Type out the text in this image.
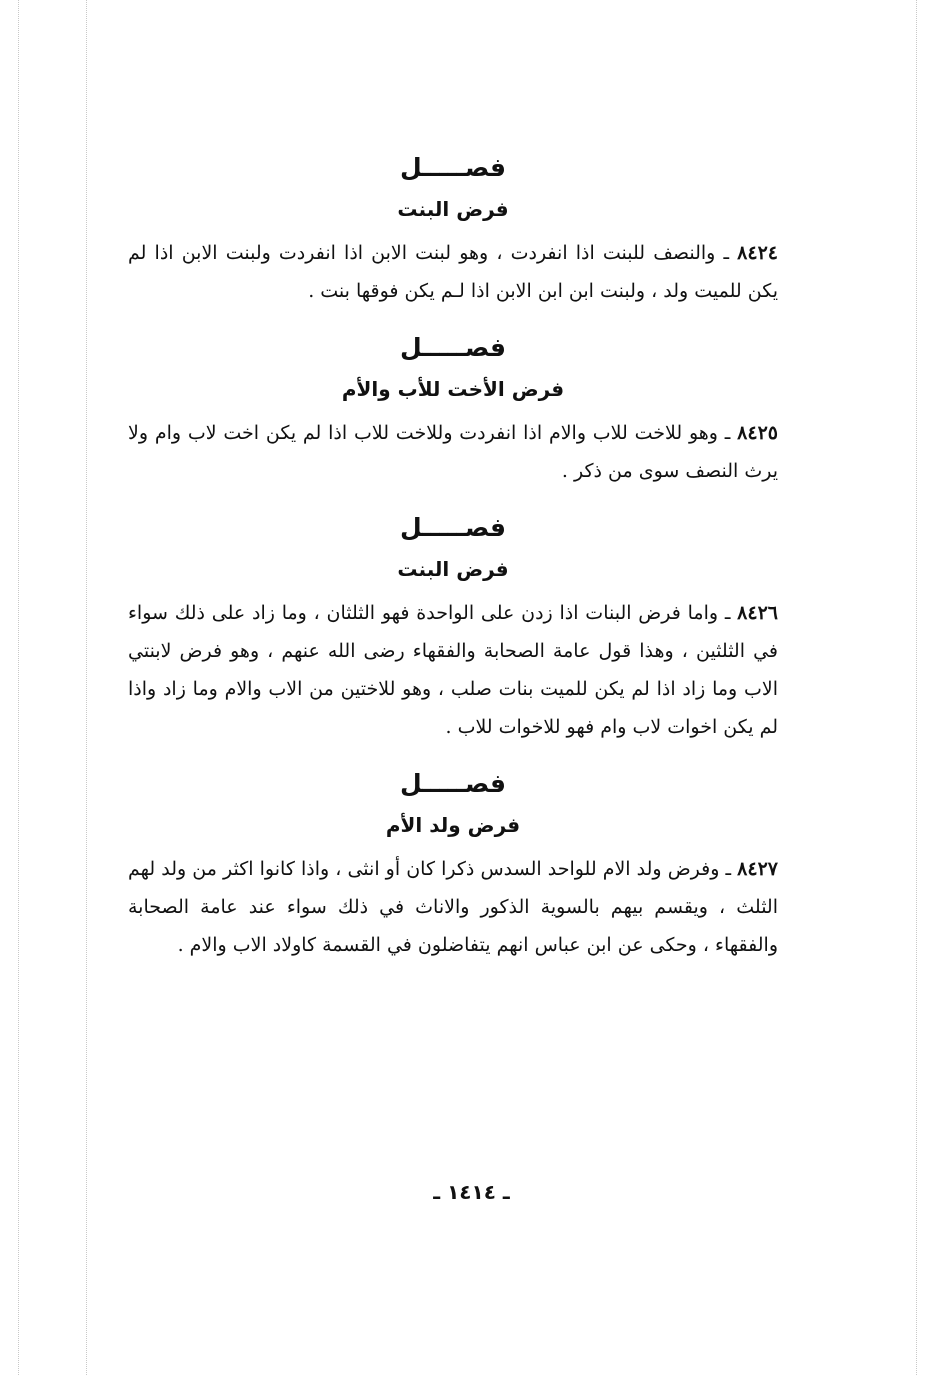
فصـــــل
فرض البنت

٨٤٢٤ ـ والنصف للبنت اذا انفردت ، وهو لبنت الابن اذا انفردت ولبنت الابن اذا لم يكن للميت ولد ، ولبنت ابن ابن الابن اذا لـم يكن فوقها بنت .

فصـــــل
فرض الأخت للأب والأم

٨٤٢٥ ـ وهو للاخت للاب والام اذا انفردت وللاخت للاب اذا لم يكن اخت لاب وام ولا يرث النصف سوى من ذكر .

فصـــــل
فرض البنت

٨٤٢٦ ـ واما فرض البنات اذا زدن على الواحدة فهو الثلثان ، وما زاد على ذلك سواء في الثلثين ، وهذا قول عامة الصحابة والفقهاء رضى الله عنهم ، وهو فرض لابنتي الاب وما زاد اذا لم يكن للميت بنات صلب ، وهو للاختين من الاب والام وما زاد واذا لم يكن اخوات لاب وام فهو للاخوات للاب .

فصـــــل
فرض ولد الأم

٨٤٢٧ ـ وفرض ولد الام للواحد السدس ذكرا كان أو انثى ، واذا كانوا اكثر من ولد لهم الثلث ، ويقسم بيهم بالسوية الذكور والاناث في ذلك سواء عند عامة الصحابة والفقهاء ، وحكى عن ابن عباس انهم يتفاضلون في القسمة كاولاد الاب والام .

ـ ١٤١٤ ـ
